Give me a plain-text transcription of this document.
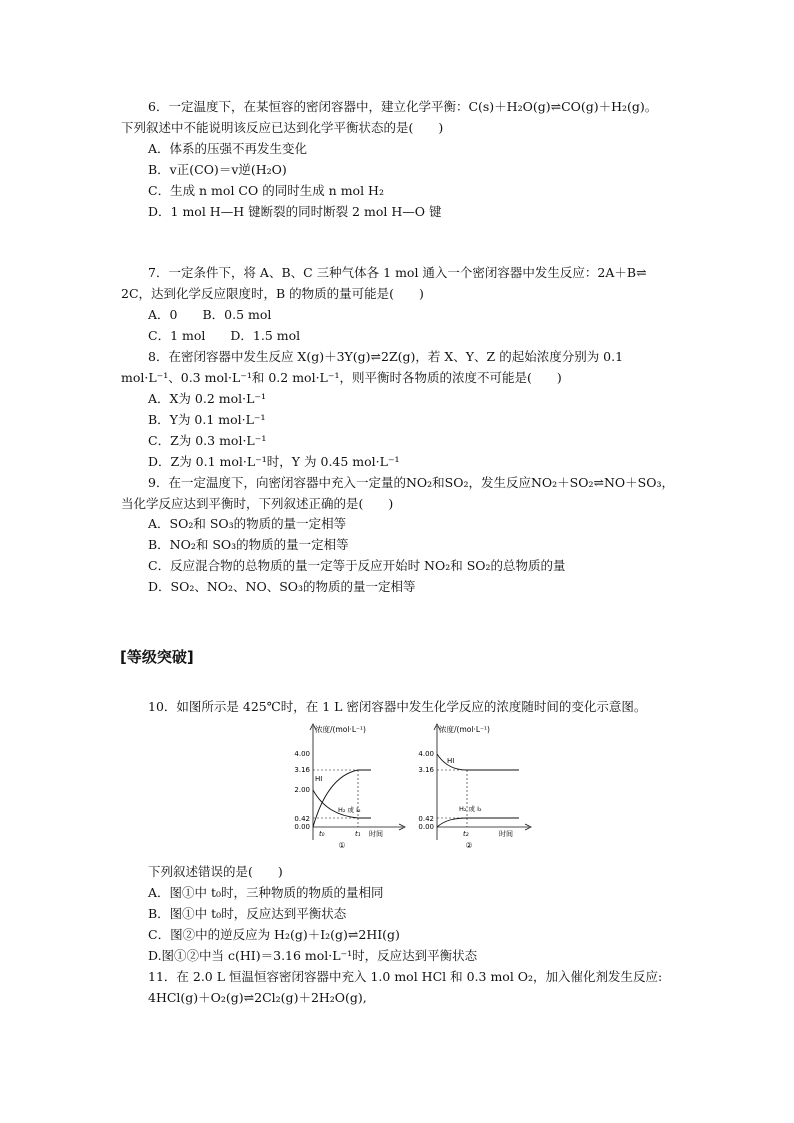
6．一定温度下，在某恒容的密闭容器中，建立化学平衡：C(s)＋H₂O(g)⇌CO(g)＋H₂(g)。
下列叙述中不能说明该反应已达到化学平衡状态的是(　　)
A．体系的压强不再发生变化
B．v正(CO)＝v逆(H₂O)
C．生成 n mol CO 的同时生成 n mol H₂
D．1 mol H—H 键断裂的同时断裂 2 mol H—O 键
7．一定条件下，将 A、B、C 三种气体各 1 mol 通入一个密闭容器中发生反应：2A＋B⇌
2C，达到化学反应限度时，B 的物质的量可能是(　　)
A．0　　B．0.5 mol
C．1 mol　　D．1.5 mol
8．在密闭容器中发生反应 X(g)＋3Y(g)⇌2Z(g)，若 X、Y、Z 的起始浓度分别为 0.1
mol·L⁻¹、0.3 mol·L⁻¹和 0.2 mol·L⁻¹，则平衡时各物质的浓度不可能是(　　)
A．X为 0.2 mol·L⁻¹
B．Y为 0.1 mol·L⁻¹
C．Z为 0.3 mol·L⁻¹
D．Z为 0.1 mol·L⁻¹时，Y 为 0.45 mol·L⁻¹
9．在一定温度下，向密闭容器中充入一定量的NO₂和SO₂，发生反应NO₂＋SO₂⇌NO＋SO₃，
当化学反应达到平衡时，下列叙述正确的是(　　)
A．SO₂和 SO₃的物质的量一定相等
B．NO₂和 SO₃的物质的量一定相等
C．反应混合物的总物质的量一定等于反应开始时 NO₂和 SO₂的总物质的量
D．SO₂、NO₂、NO、SO₃的物质的量一定相等
[等级突破]
10．如图所示是 425℃时，在 1 L 密闭容器中发生化学反应的浓度随时间的变化示意图。
浓度/(mol·L⁻¹)
4.00
3.16
2.00
0.42
0.00
HI
H₂ 或 I₂
t₀	t₁ 时间
①
浓度/(mol·L⁻¹)
4.00
3.16
0.42
0.00
HI
H₂ 或 I₂
t₂	时间
②
下列叙述错误的是(　　)
A．图①中 t₀时，三种物质的物质的量相同
B．图①中 t₀时，反应达到平衡状态
C．图②中的逆反应为 H₂(g)＋I₂(g)⇌2HI(g)
D.图①②中当 c(HI)＝3.16 mol·L⁻¹时，反应达到平衡状态
11．在 2.0 L 恒温恒容密闭容器中充入 1.0 mol HCl 和 0.3 mol O₂，加入催化剂发生反应:
4HCl(g)＋O₂(g)⇌2Cl₂(g)＋2H₂O(g),
